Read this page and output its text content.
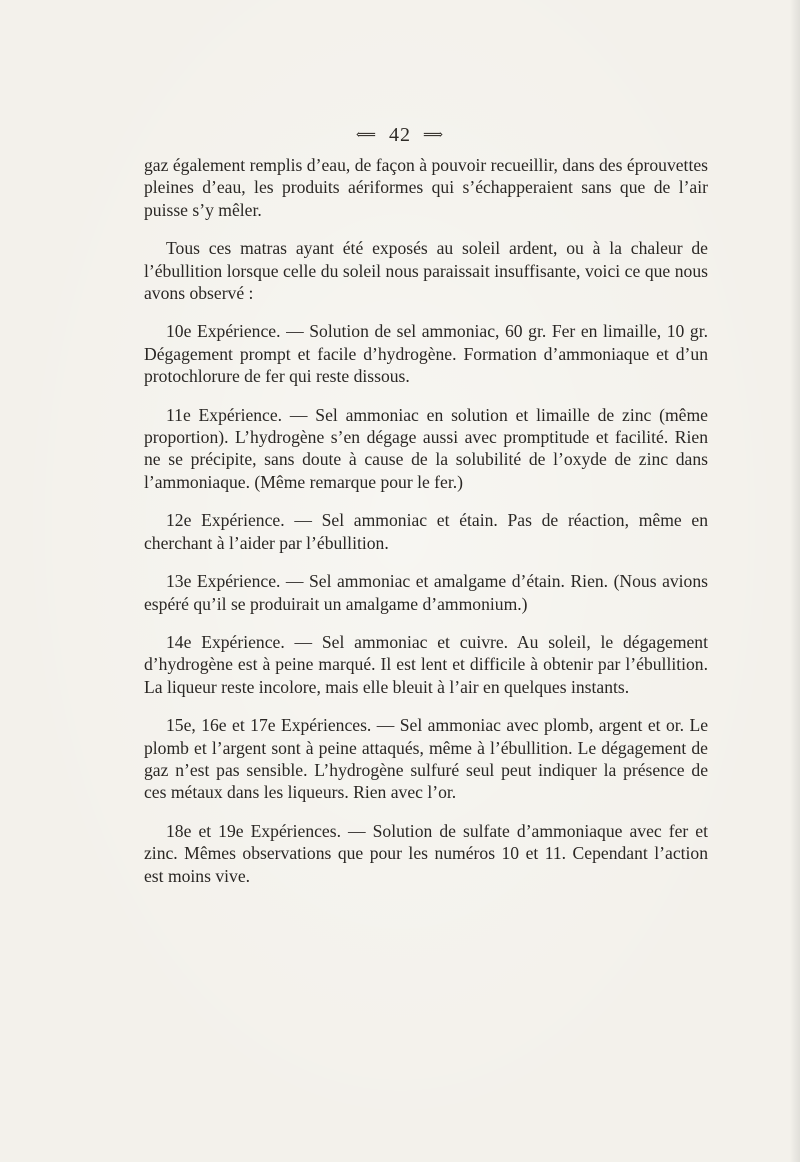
⟸ 42 ⟹

gaz également remplis d’eau, de façon à pouvoir recueillir, dans des éprouvettes pleines d’eau, les produits aériformes qui s’échapperaient sans que de l’air puisse s’y mêler.

Tous ces matras ayant été exposés au soleil ardent, ou à la chaleur de l’ébullition lorsque celle du soleil nous paraissait insuffisante, voici ce que nous avons observé :

10e Expérience. — Solution de sel ammoniac, 60 gr. Fer en limaille, 10 gr. Dégagement prompt et facile d’hydrogène. Formation d’ammoniaque et d’un protochlorure de fer qui reste dissous.

11e Expérience. — Sel ammoniac en solution et limaille de zinc (même proportion). L’hydrogène s’en dégage aussi avec promptitude et facilité. Rien ne se précipite, sans doute à cause de la solubilité de l’oxyde de zinc dans l’ammoniaque. (Même remarque pour le fer.)

12e Expérience. — Sel ammoniac et étain. Pas de réaction, même en cherchant à l’aider par l’ébullition.

13e Expérience. — Sel ammoniac et amalgame d’étain. Rien. (Nous avions espéré qu’il se produirait un amalgame d’ammonium.)

14e Expérience. — Sel ammoniac et cuivre. Au soleil, le dégagement d’hydrogène est à peine marqué. Il est lent et difficile à obtenir par l’ébullition. La liqueur reste incolore, mais elle bleuit à l’air en quelques instants.

15e, 16e et 17e Expériences. — Sel ammoniac avec plomb, argent et or. Le plomb et l’argent sont à peine attaqués, même à l’ébullition. Le dégagement de gaz n’est pas sensible. L’hydrogène sulfuré seul peut indiquer la présence de ces métaux dans les liqueurs. Rien avec l’or.

18e et 19e Expériences. — Solution de sulfate d’ammoniaque avec fer et zinc. Mêmes observations que pour les numéros 10 et 11. Cependant l’action est moins vive.
